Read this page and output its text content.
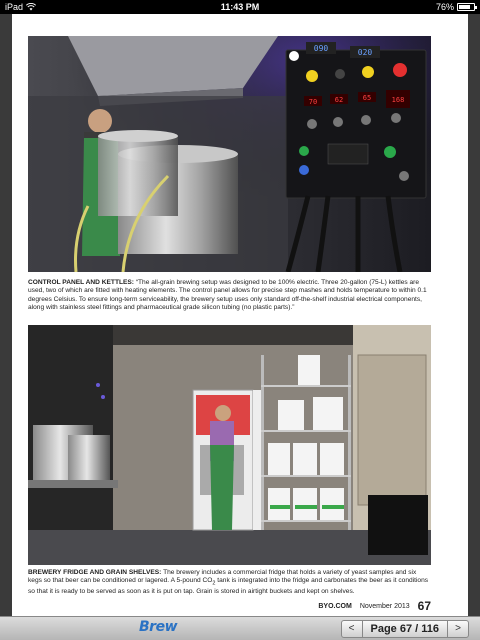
iPad	11:43 PM	76%
090	020
70	62	65	168
CONTROL PANEL AND KETTLES: “The all-grain brewing setup was designed to be 100% electric. Three 20-gallon (75-L) kettles are used, two of which are fitted with heating elements. The control panel allows for precise step mashes and holds temperature to within 0.1 degrees Celsius. To ensure long-term serviceability, the brewery setup uses only standard off-the-shelf industrial electrical components, along with stainless steel fittings and pharmaceutical grade silicon tubing (no plastic parts).”
BREWERY FRIDGE AND GRAIN SHELVES: The brewery includes a commercial fridge that holds a variety of yeast samples and six kegs so that beer can be conditioned or lagered. A 5-pound $CO_2$ tank is integrated into the fridge and carbonates the beer as it conditions so that it is ready to be served as soon as it is put on tap. Grain is stored in airtight buckets and kept on shelves.
BYO.COM November 2013 67
Brew	<	Page 67 / 116	>
